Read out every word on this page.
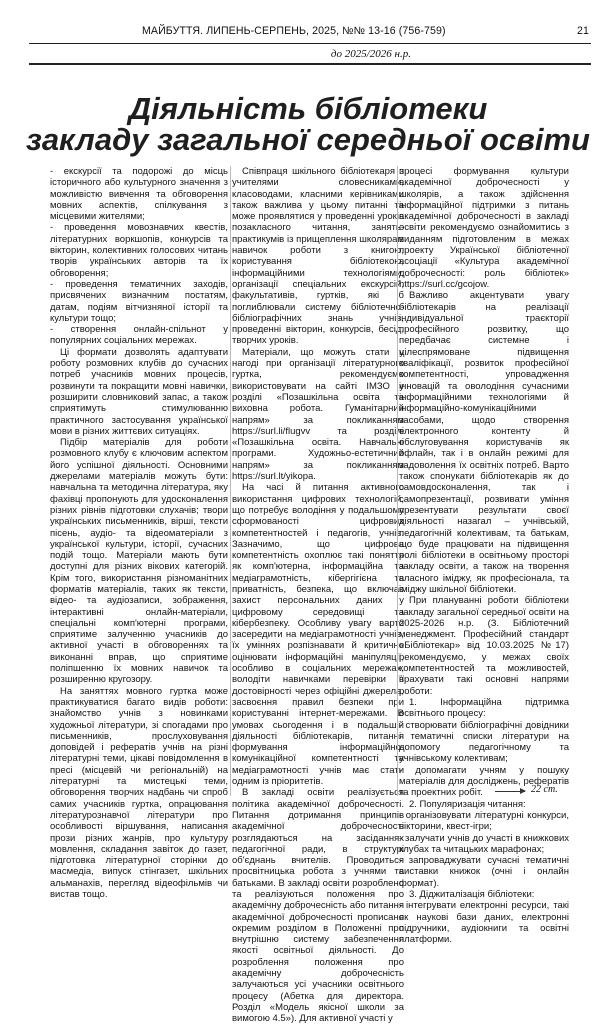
МАЙБУТТЯ. ЛИПЕНЬ-СЕРПЕНЬ, 2025, №№ 13-16 (756-759)	21
до 2025/2026 н.р.
Діяльність бібліотеки
закладу загальної середньої освіти

- екскурсії та подорожі до місць історичного або культурного значення з можливістю вивчення та обговорення мовних аспектів, спілкування з місцевими жителями;

- проведення мовознавчих квестів, літературних воркшопів, конкурсів та вікторин, колективних голосових читань творів українських авторів та їх обговорення;

- проведення тематичних заходів, присвячених визначним постатям, датам, подіям вітчизняної історії та культури тощо;

- створення онлайн-спільнот у популярних соціальних мережах.

Ці формати дозволять адаптувати роботу розмовних клубів до сучасних потреб учасників мовних процесів, розвинути та покращити мовні навички, розширити словниковий запас, а також сприятимуть стимулюванню практичного застосування української мови в різних життєвих ситуаціях.

Підбір матеріалів для роботи розмовного клубу є ключовим аспектом його успішної діяльності. Основними джерелами матеріалів можуть бути: навчальна та методична література, яку фахівці пропонують для удосконалення різних рівнів підготовки слухачів; твори українських письменників, вірші, тексти пісень, аудіо- та відеоматеріали з української культури, історії, сучасних подій тощо. Матеріали мають бути доступні для різних вікових категорій. Крім того, використання різноманітних форматів матеріалів, таких як тексти, відео- та аудіозаписи, зображення, інтерактивні онлайн-матеріали, спеціальні комп'ютерні програми, сприятиме залученню учасників до активної участі в обговореннях та виконанні вправ, що сприятиме поліпшенню їх мовних навичок та розширенню кругозору.

На заняттях мовного гуртка може практикуватися багато видів роботи: знайомство учнів з новинками художньої літератури, зі спогадами про письменників, прослуховування доповідей і рефератів учнів на різні літературні теми, цікаві повідомлення в пресі (місцевій чи регіональній) на літературні та мистецькі теми, обговорення творчих надбань чи спроб самих учасників гуртка, опрацювання літературознавчої літератури про особливості віршування, написання прози різних жанрів, про культуру мовлення, складання завіток до газет, підготовка літературної сторінки до масмедіа, випуск стінгазет, шкільних альманахів, перегляд відеофільмів чи вистав тощо.

Співпраця шкільного бібліотекаря з учителями словесниками, класоводами, класними керівниками також важлива у цьому питанні та може проявлятися у проведенні уроків позакласного читання, занять-практикумів із прищеплення школярам навичок роботи з книгою, користування бібліотекою, інформаційними технологіями, організації спеціальних екскурсій, факультативів, гуртків, які б поглиблювали систему бібліотечно-бібліографічних знань учнів, проведенні вікторин, конкурсів, бесід, творчих уроків.

Матеріали, що можуть стати у нагоді при організації літературного гуртка, рекомендуємо використовувати на сайті ІМЗО у розділі «Позашкільна освіта та виховна робота. Гуманітарний напрям» за покликанням https://surl.li/flugvv та розділі «Позашкільна освіта. Навчальні програми. Художньо-естетичний напрям» за покликанням https://surl.lt/yikopa.

На часі й питання активного використання цифрових технологій, що потребує володіння у подальшому сформованості цифрових компетентностей і педагогів, учнів. Зазначимо, що цифрова компетентність охоплює такі поняття як комп'ютерна, інформаційна та медіаграмотність, кібергігієна та приватність, безпека, що включає захист персональних даних у цифровому середовищі та кібербезпеку. Особливу увагу варто засередити на медіаграмотності учнів, їх уміннях розпізнавати й критично оцінювати інформаційні маніпуляції, особливо в соціальних мережах, володіти навичками перевірки її достовірності через офіційні джерела, засвоєння правил безпеки при користуванні інтернет-мережами. В умовах сьогодення і в подальшій діяльності бібліотекарів, питання формування інформаційно-комунікаційної компетентності та медіаграмотності учнів має стати одним із пріоритетів.

В закладі освіти реалізується політика академічної доброчесності. Питання дотримання принципів академічної доброчесності розглядаються на засіданнях педагогічної ради, в структурі об'єднань вчителів. Проводиться просвітницька робота з учнями та батьками. В закладі освіти розроблено та реалізуються положення про академічну доброчесність або питання академічної доброчесності прописано окремим розділом в Положенні про внутрішню систему забезпечення якості освітньої діяльності. До розроблення положення про академічну доброчесність залучаються усі учасники освітнього процесу (Абетка для директора. Розділ «Модель якісної школи за вимогою 4.5»). Для активної участі у

процесі формування культури академічної доброчесності у школярів, а також здійснення інформаційної підтримки з питань академічної доброчесності в закладі освіти рекомендуємо ознайомитись з виданням підготовленим в межах проекту Української бібліотечної асоціації «Культура академічної доброчесності: роль бібліотек» https://surl.cc/gcojow.

Важливо акцентувати увагу бібліотекарів на реалізації індивідуальної траєкторії професійного розвитку, що передбачає системне і цілеспрямоване підвищення кваліфікації, розвиток професійної компетентності, упровадження інновацій та оволодіння сучасними інформаційними технологіями й інформаційно-комунікаційними засобами, щодо створення електронного контенту й обслуговування користувачів як офлайн, так і в онлайн режимі для задоволення їх освітніх потреб. Варто також спонукати бібліотекарів як до самовдосконалення, так і самопрезентації, розвивати уміння презентувати результати своєї діяльності назагал – учнівській, педагогічній колективам, та батькам, що буде працювати на підвищення ролі бібліотеки в освітньому просторі закладу освіти, а також на творення власного іміджу, як професіонала, та іміджу шкільної бібліотеки.

При плануванні роботи бібліотеки закладу загальної середньої освіти на 2025-2026 н.р. (З. Бібліотечний менеджмент. Професійний стандарт «Бібліотекар» від 10.03.2025 №17) рекомендуємо, у межах своїх компетентностей та можливостей, врахувати такі основні напрями роботи:

1. Інформаційна підтримка освітнього процесу:

- створювати бібліографічні довідники і тематичні списки літератури на допомогу педагогічному та учнівському колективам;

- допомагати учням у пошуку матеріалів для досліджень, рефератів та проектних робіт.

2. Популяризація читання:

- організовувати літературні конкурси, вікторини, квест-ігри;

- залучати учнів до участі в книжкових клубах та читацьких марафонах;

- запроваджувати сучасні тематичні виставки книжок (очні і онлайн формат).

3. Діджиталізація бібліотеки:

- інтегрувати електронні ресурси, такі як наукові бази даних, електронні підручники, аудіокниги та освітні платформи.

22 ст.
